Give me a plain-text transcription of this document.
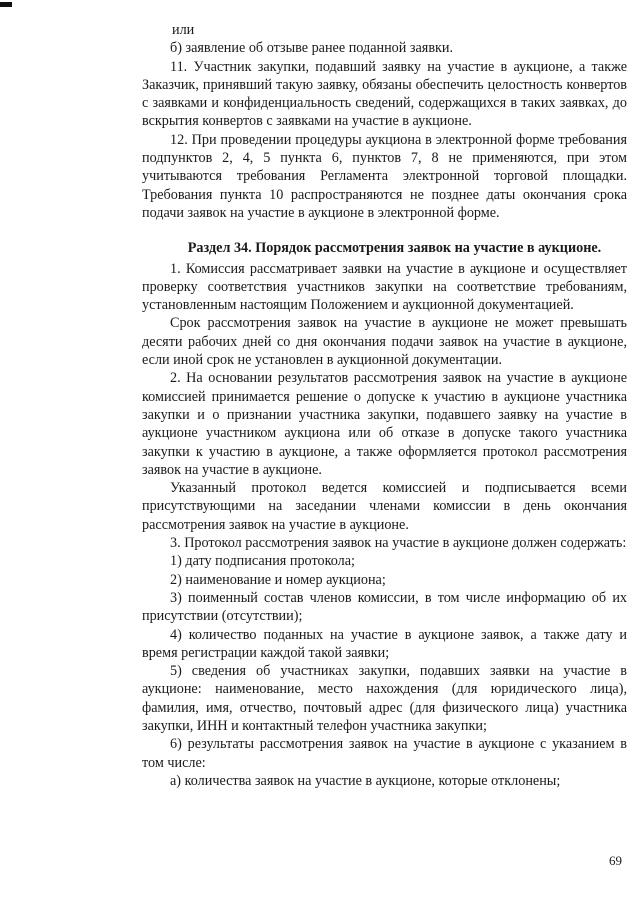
или

б) заявление об отзыве ранее поданной заявки.

11. Участник закупки, подавший заявку на участие в аукционе, а также Заказчик, принявший такую заявку, обязаны обеспечить целостность конвертов с заявками и конфиденциальность сведений, содержащихся в таких заявках, до вскрытия конвертов с заявками на участие в аукционе.

12. При проведении процедуры аукциона в электронной форме требования подпунктов 2, 4, 5 пункта 6, пунктов 7, 8 не применяются, при этом учитываются требования Регламента электронной торговой площадки. Требования пункта 10 распространяются не позднее даты окончания срока подачи заявок на участие в аукционе в электронной форме.

Раздел 34. Порядок рассмотрения заявок на участие в аукционе.

1. Комиссия рассматривает заявки на участие в аукционе и осуществляет проверку соответствия участников закупки на соответствие требованиям, установленным настоящим Положением и аукционной документацией.

Срок рассмотрения заявок на участие в аукционе не может превышать десяти рабочих дней со дня окончания подачи заявок на участие в аукционе, если иной срок не установлен в аукционной документации.

2. На основании результатов рассмотрения заявок на участие в аукционе комиссией принимается решение о допуске к участию в аукционе участника закупки и о признании участника закупки, подавшего заявку на участие в аукционе участником аукциона или об отказе в допуске такого участника закупки к участию в аукционе, а также оформляется протокол рассмотрения заявок на участие в аукционе.

Указанный протокол ведется комиссией и подписывается всеми присутствующими на заседании членами комиссии в день окончания рассмотрения заявок на участие в аукционе.

3. Протокол рассмотрения заявок на участие в аукционе должен содержать:

1) дату подписания протокола;

2) наименование и номер аукциона;

3) поименный состав членов комиссии, в том числе информацию об их присутствии (отсутствии);

4) количество поданных на участие в аукционе заявок, а также дату и время регистрации каждой такой заявки;

5) сведения об участниках закупки, подавших заявки на участие в аукционе: наименование, место нахождения (для юридического лица), фамилия, имя, отчество, почтовый адрес (для физического лица) участника закупки, ИНН и контактный телефон участника закупки;

6) результаты рассмотрения заявок на участие в аукционе с указанием в том числе:

а) количества заявок на участие в аукционе, которые отклонены;

69
